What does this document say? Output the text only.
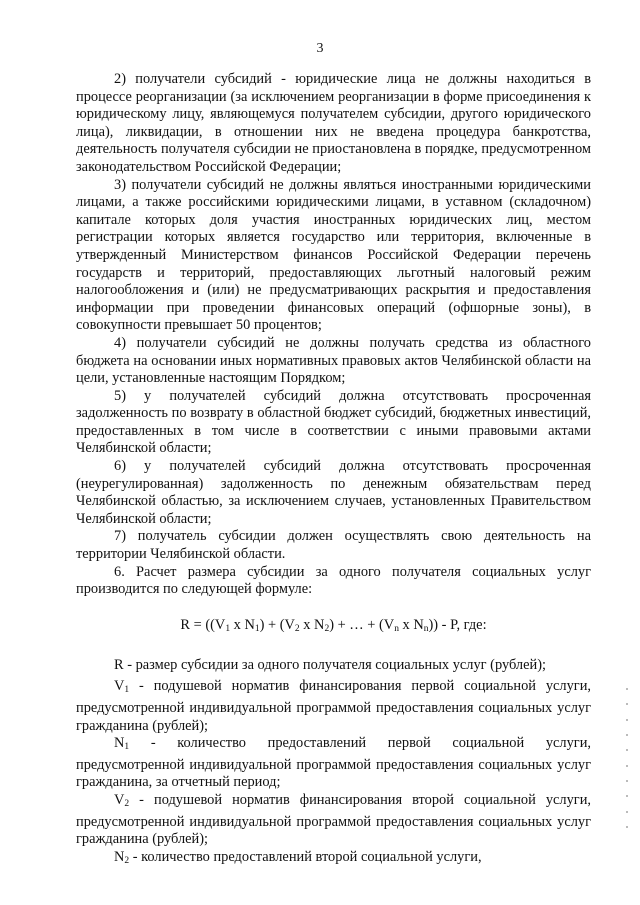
3

2) получатели субсидий - юридические лица не должны находиться в процессе реорганизации (за исключением реорганизации в форме присоединения к юридическому лицу, являющемуся получателем субсидии, другого юридического лица), ликвидации, в отношении них не введена процедура банкротства, деятельность получателя субсидии не приостановлена в порядке, предусмотренном законодательством Российской Федерации;

3) получатели субсидий не должны являться иностранными юридическими лицами, а также российскими юридическими лицами, в уставном (складочном) капитале которых доля участия иностранных юридических лиц, местом регистрации которых является государство или территория, включенные в утвержденный Министерством финансов Российской Федерации перечень государств и территорий, предоставляющих льготный налоговый режим налогообложения и (или) не предусматривающих раскрытия и предоставления информации при проведении финансовых операций (офшорные зоны), в совокупности превышает 50 процентов;

4) получатели субсидий не должны получать средства из областного бюджета на основании иных нормативных правовых актов Челябинской области на цели, установленные настоящим Порядком;

5) у получателей субсидий должна отсутствовать просроченная задолженность по возврату в областной бюджет субсидий, бюджетных инвестиций, предоставленных в том числе в соответствии с иными правовыми актами Челябинской области;

6) у получателей субсидий должна отсутствовать просроченная (неурегулированная) задолженность по денежным обязательствам перед Челябинской областью, за исключением случаев, установленных Правительством Челябинской области;

7) получатель субсидии должен осуществлять свою деятельность на территории Челябинской области.

6. Расчет размера субсидии за одного получателя социальных услуг производится по следующей формуле:

$R = ((V_1$ x $N_1) + (V_2$ x $N_2$) + … + ($V_n$ x $N_n$)) - P, где:

R - размер субсидии за одного получателя социальных услуг (рублей);

$V_1$ - подушевой норматив финансирования первой социальной услуги, предусмотренной индивидуальной программой предоставления социальных услуг гражданина (рублей);

$N_1$ - количество предоставлений первой социальной услуги, предусмотренной индивидуальной программой предоставления социальных услуг гражданина, за отчетный период;

$V_2$ - подушевой норматив финансирования второй социальной услуги, предусмотренной индивидуальной программой предоставления социальных услуг гражданина (рублей);

$N_2$ - количество предоставлений второй социальной услуги,
